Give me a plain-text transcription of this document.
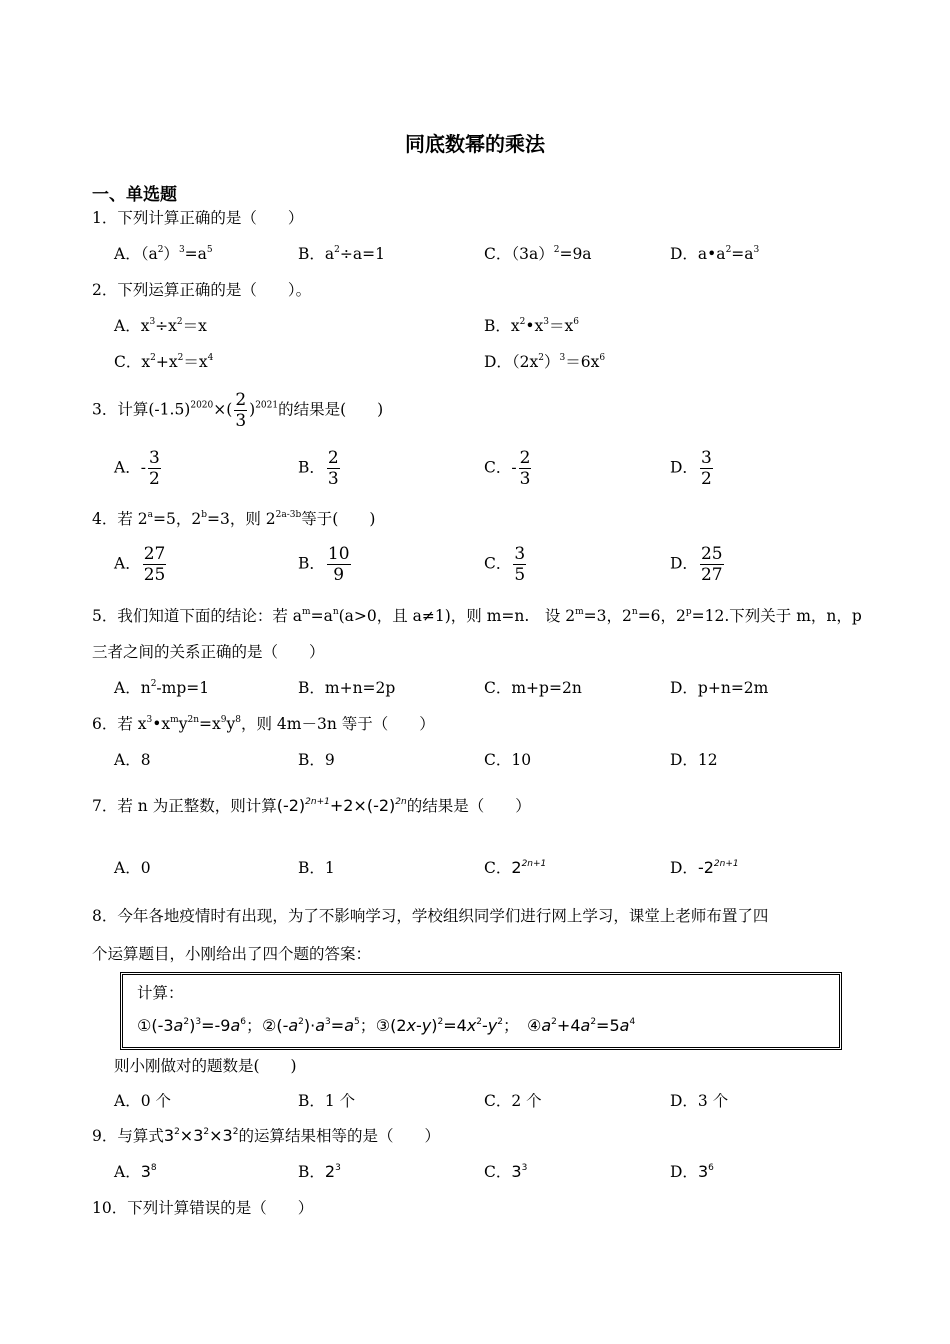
同底数幂的乘法
一、单选题
1．下列计算正确的是（　　）
A．$(a^2)^3=a^5$	B．$a^2\div a=1$	C．$(3a)^2=9a$	D．$a•a^2=a^3$
2．下列运算正确的是（　　）。
A．$x^3\div x^2=x$	B．$x^2•x^3=x^6$
C．$x^2+x^2=x^4$	D．$(2x^2)^3=6x^6$
3．计算$(-1.5)^{2020}\times( \frac{2}{3} )^{2021}$的结果是(　　)
A．- $\frac{3}{2}$	B． $\frac{2}{3}$	C．- $\frac{2}{3}$	D． $\frac{3}{2}$
4．若 $2^a=5$，$2^b=3$，则 $2^{2a-3b}$等于(　　)
A． $\frac{27}{25}$	B． $\frac{10}{9}$	C． $\frac{3}{5}$	D． $\frac{25}{27}$
5．我们知道下面的结论：若 $a^m=a^n(a>0$，且 a≠1)，则 m=n.　设 $2^m=3$，$2^n=6$，$2^p=12$.下列关于 m，n，p
三者之间的关系正确的是（　　）
A．$n^2-mp=1$	B．m+n=2p	C．m+p=2n	D．p+n=2m
6．若 $x^3•x^my^{2n}=x^9y^8$，则 4m－3n 等于（　　）
A．8	B．9	C．10	D．12
7．若 n 为正整数，则计算$(-2)^{2n+1}+2\times(-2)^{2n}$的结果是（　　）
A．0	B．1	C．$2^{2n+1}$	D．$-2^{2n+1}$
8．今年各地疫情时有出现，为了不影响学习，学校组织同学们进行网上学习，课堂上老师布置了四
个运算题目，小刚给出了四个题的答案：
计算：
$①(-3a^2)^3=-9a^6$；$②(-a^2)\cdot a^3=a^5$；$③(2x-y)^2=4x^2-y^2$；　$④a^2+4a^2=5a^4$
则小刚做对的题数是(　　)
A．0 个	B．1 个	C．2 个	D．3 个
9．与算式$3^2\times 3^2\times 3^2$的运算结果相等的是（　　）
A．$3^8$	B．$2^3$	C．$3^3$	D．$3^6$
10．下列计算错误的是（　　）
